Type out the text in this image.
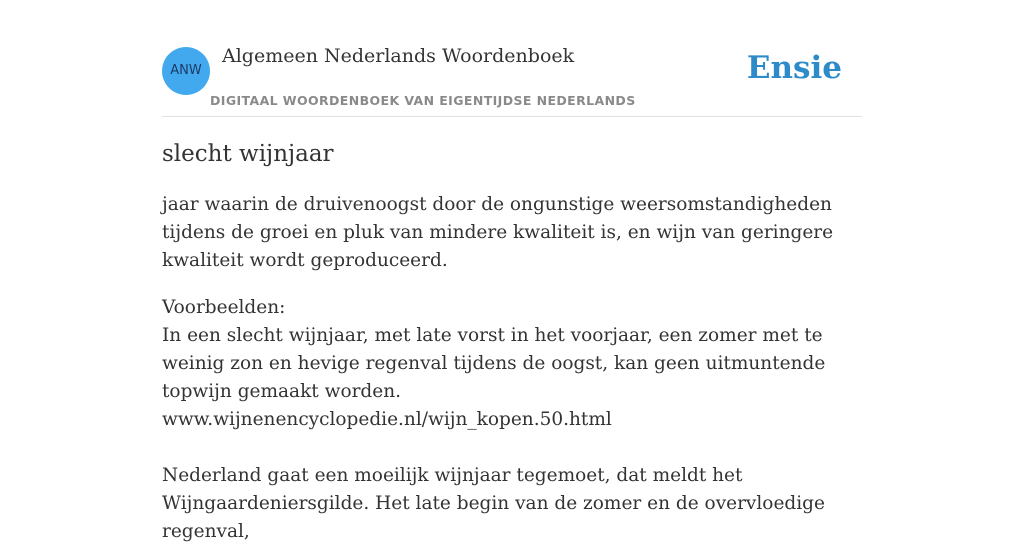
ANW
Algemeen Nederlands Woordenboek
DIGITAAL WOORDENBOEK VAN EIGENTIJDSE NEDERLANDS
Ensie
slecht wijnjaar

jaar waarin de druivenoogst door de ongunstige weersomstandigheden tijdens de groei en pluk van mindere kwaliteit is, en wijn van geringere kwaliteit wordt geproduceerd.

Voorbeelden:
In een slecht wijnjaar, met late vorst in het voorjaar, een zomer met te weinig zon en hevige regenval tijdens de oogst, kan geen uitmuntende topwijn gemaakt worden.
www.wijnenencyclopedie.nl/wijn_kopen.50.html
Nederland gaat een moeilijk wijnjaar tegemoet, dat meldt het Wijngaardeniersgilde. Het late begin van de zomer en de overvloedige regenval,
